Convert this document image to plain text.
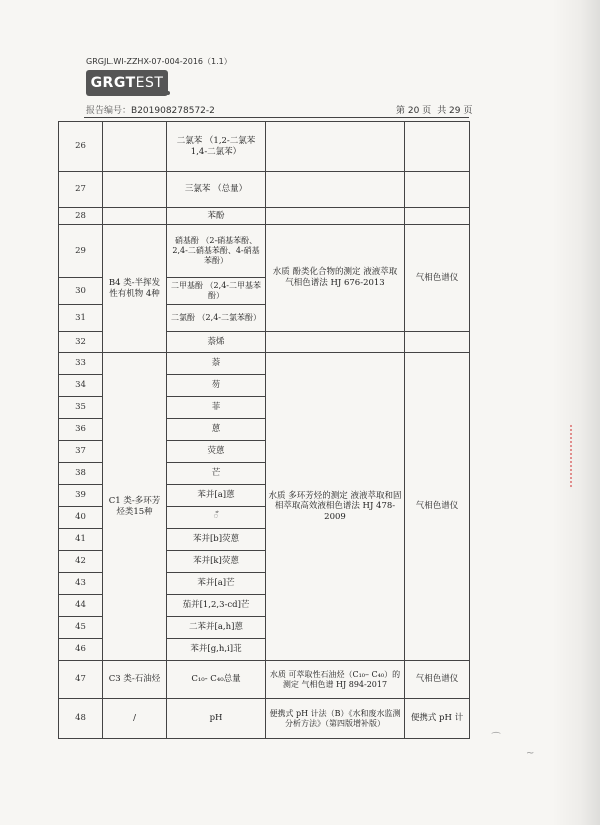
GRGJL.WI-ZZHX-07-004-2016（1.1）
GRGTEST
报告编号：B201908278572-2	第 20 页 共 29 页
26		二氯苯 （1,2-二氯苯 1,4-二氯苯）		
27		三氯苯 （总量）		
28		苯酚		
29	B4 类-半挥发性有机物 4种	硝基酚 （2-硝基苯酚、2,4-二硝基苯酚、4-硝基苯酚）	水质 酚类化合物的测定 液液萃取 气相色谱法 HJ 676-2013	气相色谱仪
30		二甲基酚 （2,4-二甲基苯酚）		
31		二氯酚 （2,4-二氯苯酚）		
32		萘烯		
33	C1 类-多环芳烃类15种	萘	水质 多环芳烃的测定 液液萃取和固相萃取高效液相色谱法 HJ 478-2009	气相色谱仪
34		芴		
35		菲		
36		蒽		
37		荧蒽		
38		芒		
39		苯并[a]蒽		
40		័		
41		苯并[b]荧蒽		
42		苯并[k]荧蒽		
43		苯并[a]芒		
44		茄并[1,2,3-cd]芒		
45		二苯并[a,h]蒽		
46		苯并[g,h,i]苝		
47	C3 类-石油烃	C₁₀- C₄₀总量	水质 可萃取性石油烃（C₁₀– C₄₀）的测定 气相色谱 HJ 894-2017	气相色谱仪
48	/	pH	便携式 pH 计法（B）《水和废水监测分析方法》（第四版增补版）	便携式 pH 计
⁀
~
